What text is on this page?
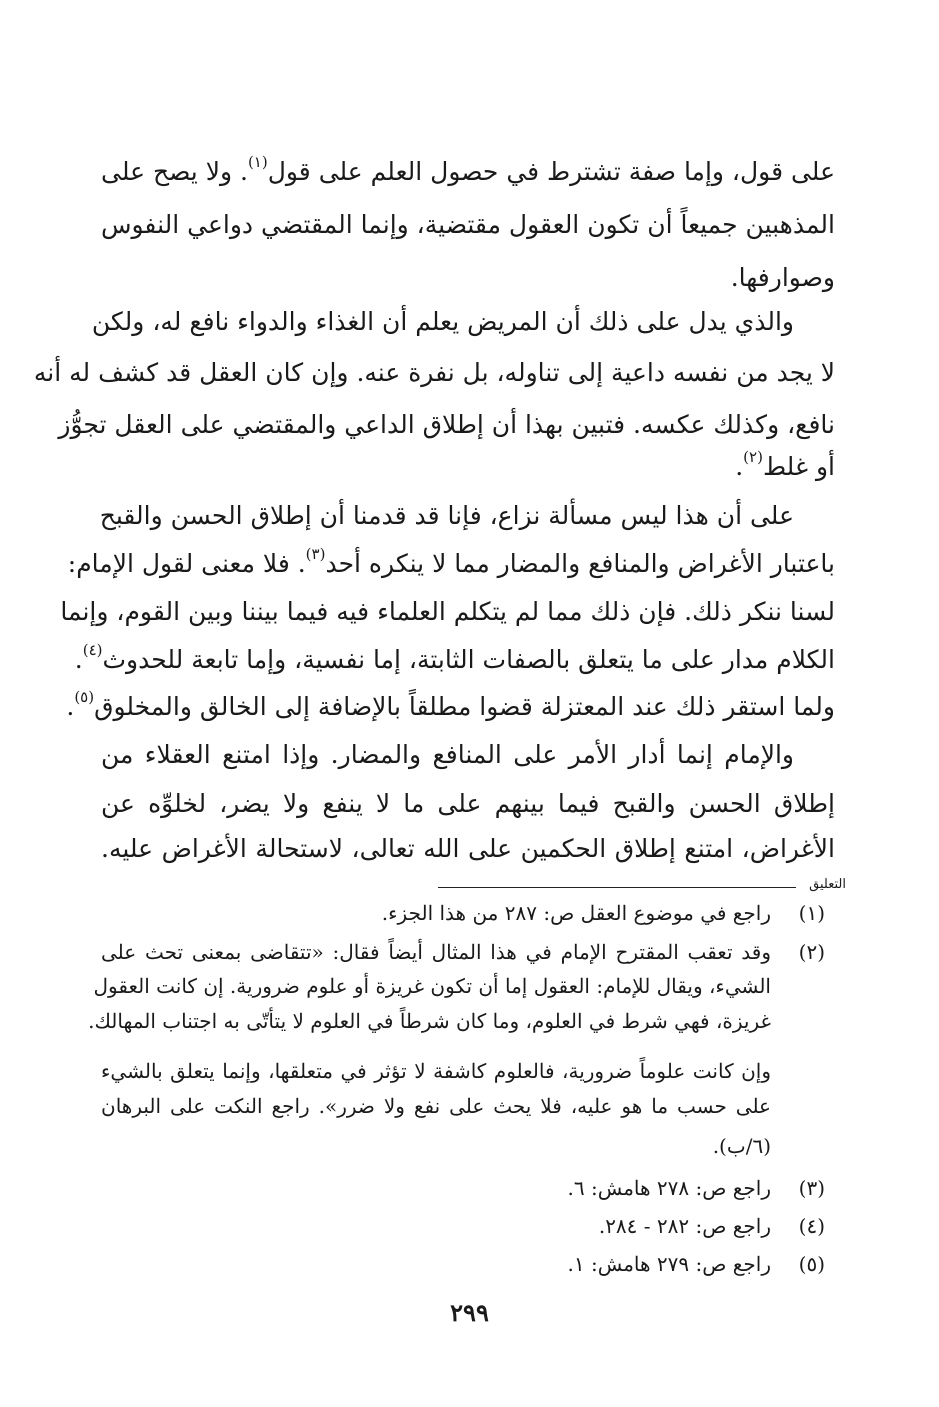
على قول، وإما صفة تشترط في حصول العلم على قول$^{(١)}$. ولا يصح على
المذهبين جميعاً أن تكون العقول مقتضية، وإنما المقتضي دواعي النفوس
وصوارفها.
والذي يدل على ذلك أن المريض يعلم أن الغذاء والدواء نافع له، ولكن
لا يجد من نفسه داعية إلى تناوله، بل نفرة عنه. وإن كان العقل قد كشف له أنه
نافع، وكذلك عكسه. فتبين بهذا أن إطلاق الداعي والمقتضي على العقل تجوُّز
أو غلط$^{(٢)}$.
على أن هذا ليس مسألة نزاع، فإنا قد قدمنا أن إطلاق الحسن والقبح
باعتبار الأغراض والمنافع والمضار مما لا ينكره أحد$^{(٣)}$. فلا معنى لقول الإمام:
لسنا ننكر ذلك. فإن ذلك مما لم يتكلم العلماء فيه فيما بيننا وبين القوم، وإنما
الكلام مدار على ما يتعلق بالصفات الثابتة، إما نفسية، وإما تابعة للحدوث$^{(٤)}$.
ولما استقر ذلك عند المعتزلة قضوا مطلقاً بالإضافة إلى الخالق والمخلوق$^{(٥)}$.
والإمام إنما أدار الأمر على المنافع والمضار. وإذا امتنع العقلاء من
إطلاق الحسن والقبح فيما بينهم على ما لا ينفع ولا يضر، لخلوِّه عن
الأغراض، امتنع إطلاق الحكمين على الله تعالى، لاستحالة الأغراض عليه.
التعليق
(١)
راجع في موضوع العقل ص: ٢٨٧ من هذا الجزء.
(٢)
وقد تعقب المقترح الإمام في هذا المثال أيضاً فقال: «تتقاضى بمعنى تحث على
الشيء، ويقال للإمام: العقول إما أن تكون غريزة أو علوم ضرورية. إن كانت العقول
غريزة، فهي شرط في العلوم، وما كان شرطاً في العلوم لا يتأتّى به اجتناب المهالك.
وإن كانت علوماً ضرورية، فالعلوم كاشفة لا تؤثر في متعلقها، وإنما يتعلق بالشيء
على حسب ما هو عليه، فلا يحث على نفع ولا ضرر». راجع النكت على البرهان
(٦/ب).
(٣)
راجع ص: ٢٧٨ هامش: ٦.
(٤)
راجع ص: ٢٨٢ - ٢٨٤.
(٥)
راجع ص: ٢٧٩ هامش: ١.
٢٩٩
